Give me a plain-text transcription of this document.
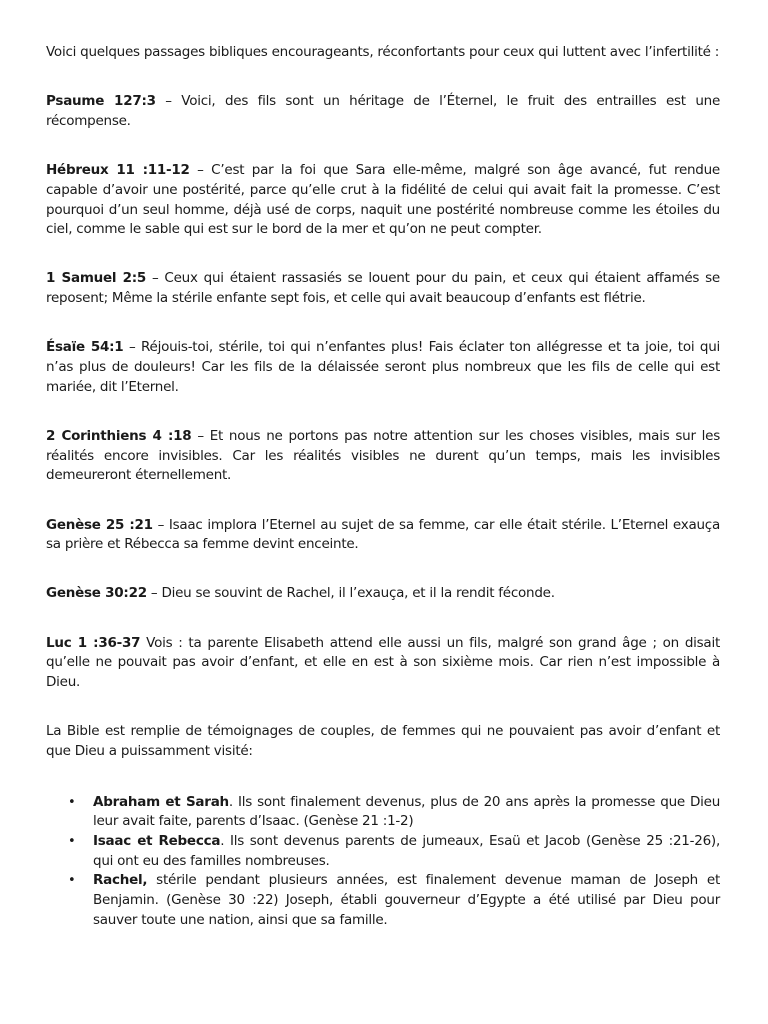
Voici quelques passages bibliques encourageants, réconfortants pour ceux qui luttent avec l’infertilité :

Psaume 127:3 – Voici, des fils sont un héritage de l’Éternel, le fruit des entrailles est une récompense.

Hébreux 11 :11-12 – C’est par la foi que Sara elle-même, malgré son âge avancé, fut rendue capable d’avoir une postérité, parce qu’elle crut à la fidélité de celui qui avait fait la promesse. C’est pourquoi d’un seul homme, déjà usé de corps, naquit une postérité nombreuse comme les étoiles du ciel, comme le sable qui est sur le bord de la mer et qu’on ne peut compter.

1 Samuel 2:5 – Ceux qui étaient rassasiés se louent pour du pain, et ceux qui étaient affamés se reposent; Même la stérile enfante sept fois, et celle qui avait beaucoup d’enfants est flétrie.

Ésaïe 54:1 – Réjouis-toi, stérile, toi qui n’enfantes plus! Fais éclater ton allégresse et ta joie, toi qui n’as plus de douleurs! Car les fils de la délaissée seront plus nombreux que les fils de celle qui est mariée, dit l’Eternel.

2 Corinthiens 4 :18 – Et nous ne portons pas notre attention sur les choses visibles, mais sur les réalités encore invisibles. Car les réalités visibles ne durent qu’un temps, mais les invisibles demeureront éternellement.

Genèse 25 :21 – Isaac implora l’Eternel au sujet de sa femme, car elle était stérile. L’Eternel exauça sa prière et Rébecca sa femme devint enceinte.

Genèse 30:22 – Dieu se souvint de Rachel, il l’exauça, et il la rendit féconde.

Luc 1 :36-37 Vois : ta parente Elisabeth attend elle aussi un fils, malgré son grand âge ; on disait qu’elle ne pouvait pas avoir d’enfant, et elle en est à son sixième mois. Car rien n’est impossible à Dieu.

La Bible est remplie de témoignages de couples, de femmes qui ne pouvaient pas avoir d’enfant et que Dieu a puissamment visité:

• Abraham et Sarah. Ils sont finalement devenus, plus de 20 ans après la promesse que Dieu leur avait faite, parents d’Isaac. (Genèse 21 :1-2)
• Isaac et Rebecca. Ils sont devenus parents de jumeaux, Esaü et Jacob (Genèse 25 :21-26), qui ont eu des familles nombreuses.
• Rachel, stérile pendant plusieurs années, est finalement devenue maman de Joseph et Benjamin. (Genèse 30 :22) Joseph, établi gouverneur d’Egypte a été utilisé par Dieu pour sauver toute une nation, ainsi que sa famille.
